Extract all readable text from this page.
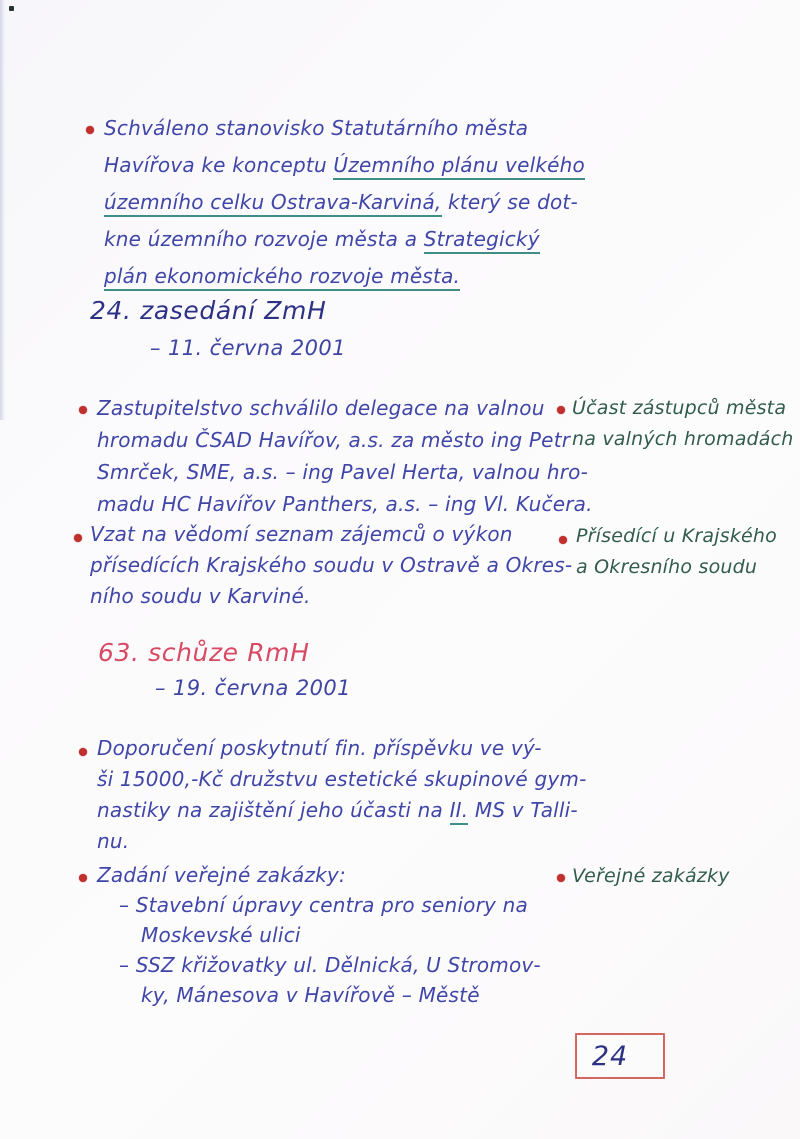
Schváleno stanovisko Statutárního města
Havířova ke konceptu Územního plánu velkého
územního celku Ostrava-Karviná, který se dot-
kne územního rozvoje města a Strategický
plán ekonomického rozvoje města.
24. zasedání ZmH
– 11. června 2001
Zastupitelstvo schválilo delegace na valnou
hromadu ČSAD Havířov, a.s. za město ing Petr
Smrček, SME, a.s. – ing Pavel Herta, valnou hro-
madu HC Havířov Panthers, a.s. – ing Vl. Kučera.
Vzat na vědomí seznam zájemců o výkon
přísedících Krajského soudu v Ostravě a Okres-
ního soudu v Karviné.
Účast zástupců města
na valných hromadách
Přísedící u Krajského
a Okresního soudu
63. schůze RmH
– 19. června 2001
Doporučení poskytnutí fin. příspěvku ve vý-
ši 15000,-Kč družstvu estetické skupinové gym-
nastiky na zajištění jeho účasti na II. MS v Talli-
nu.
Zadání veřejné zakázky:
– Stavební úpravy centra pro seniory na
Moskevské ulici
– SSZ křižovatky ul. Dělnická, U Stromov-
ky, Mánesova v Havířově – Městě
Veřejné zakázky
24
